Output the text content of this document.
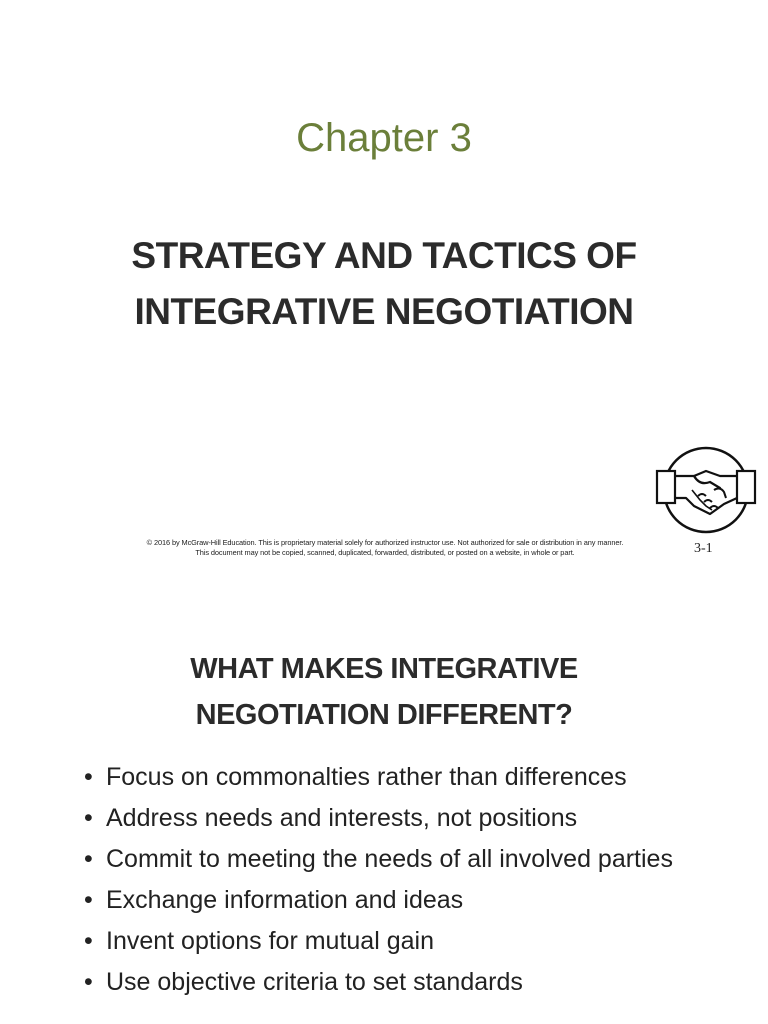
Chapter 3
STRATEGY AND TACTICS OF
INTEGRATIVE NEGOTIATION
© 2016 by McGraw-Hill Education. This is proprietary material solely for authorized instructor use. Not authorized for sale or distribution in any manner.
This document may not be copied, scanned, duplicated, forwarded, distributed, or posted on a website, in whole or part.	3-1
WHAT MAKES INTEGRATIVE
NEGOTIATION DIFFERENT?
• Focus on commonalties rather than differences
• Address needs and interests, not positions
• Commit to meeting the needs of all involved parties
• Exchange information and ideas
• Invent options for mutual gain
• Use objective criteria to set standards
